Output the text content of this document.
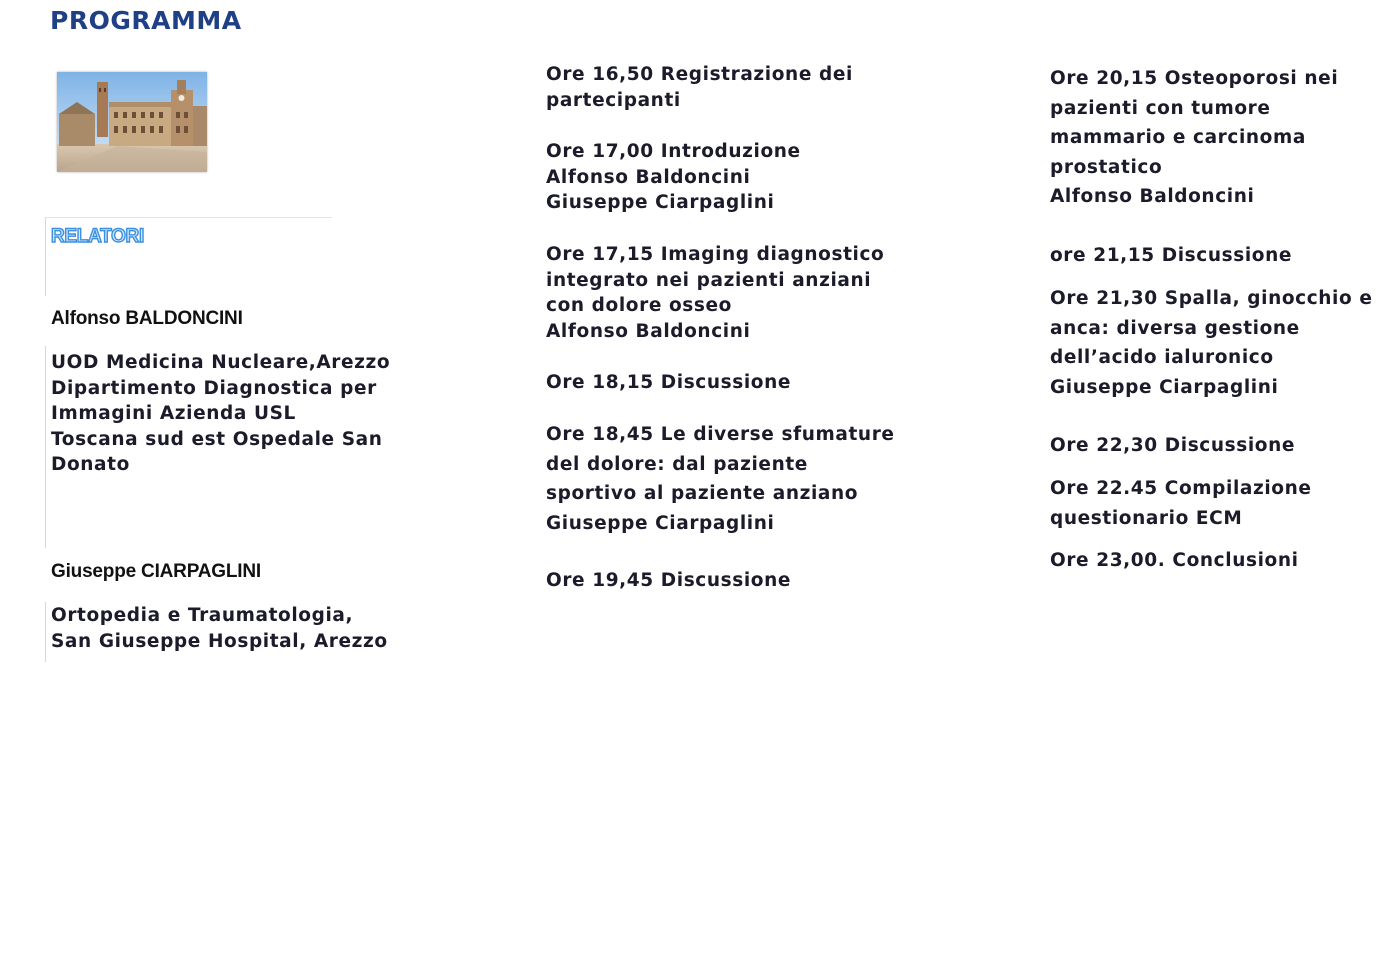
PROGRAMMA
RELATORI
Alfonso BALDONCINI

UOD Medicina Nucleare,Arezzo

Dipartimento Diagnostica per

Immagini Azienda USL

Toscana sud est Ospedale San

Donato

Giuseppe CIARPAGLINI

Ortopedia e Traumatologia,

San Giuseppe Hospital, Arezzo

Ore 16,50 Registrazione dei

partecipanti

Ore 17,00 Introduzione

Alfonso Baldoncini

Giuseppe Ciarpaglini

Ore 17,15 Imaging diagnostico

integrato nei pazienti anziani

con dolore osseo

Alfonso Baldoncini

Ore 18,15 Discussione

Ore 18,45 Le diverse sfumature

del dolore: dal paziente

sportivo al paziente anziano

Giuseppe Ciarpaglini

Ore 19,45 Discussione

Ore 20,15 Osteoporosi nei

pazienti con tumore

mammario e carcinoma

prostatico

Alfonso Baldoncini

ore 21,15 Discussione

Ore 21,30 Spalla, ginocchio e

anca: diversa gestione

dell’acido ialuronico

Giuseppe Ciarpaglini

Ore 22,30 Discussione

Ore 22.45 Compilazione

questionario ECM

Ore 23,00. Conclusioni
